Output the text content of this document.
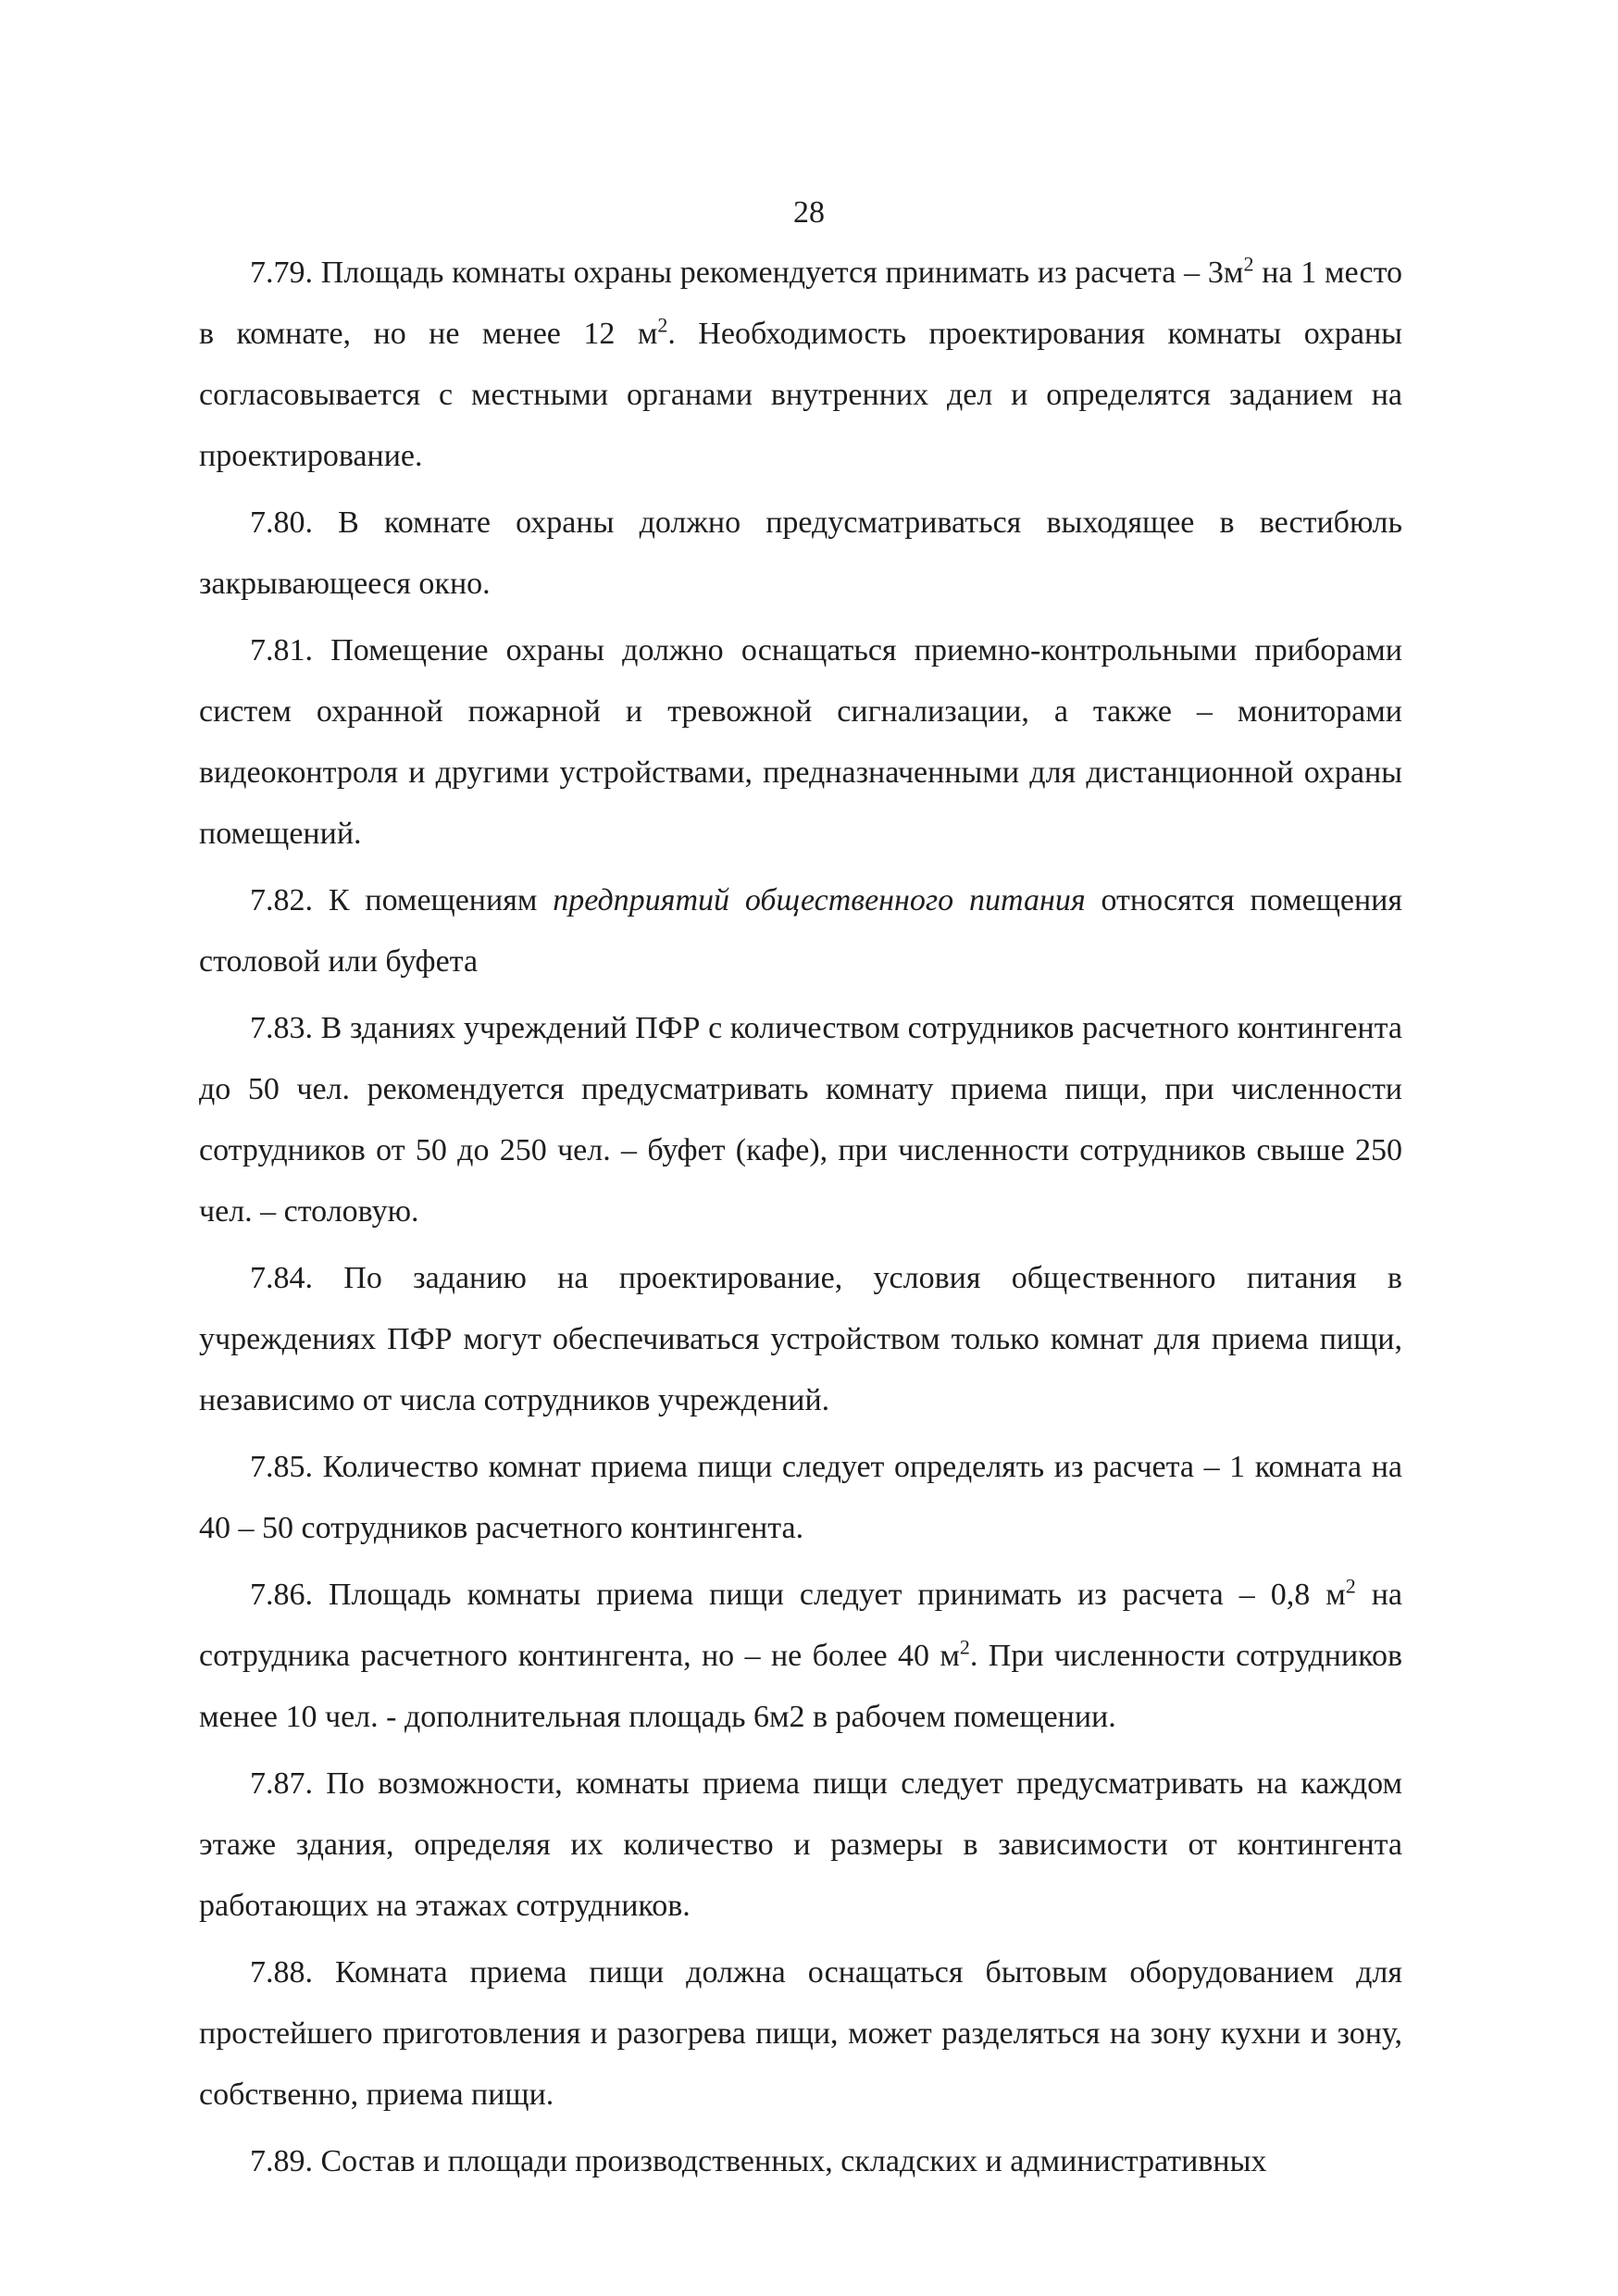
28

7.79. Площадь комнаты охраны рекомендуется принимать из расчета – $3м^2$ на 1 место в комнате, но не менее 12 $м^2$. Необходимость проектирования комнаты охраны согласовывается с местными органами внутренних дел и определятся заданием на проектирование.

7.80. В комнате охраны должно предусматриваться выходящее в вестибюль закрывающееся окно.

7.81. Помещение охраны должно оснащаться приемно-контрольными приборами систем охранной пожарной и тревожной сигнализации, а также – мониторами видеоконтроля и другими устройствами, предназначенными для дистанционной охраны помещений.

7.82. К помещениям предприятий общественного питания относятся помещения столовой или буфета

7.83. В зданиях учреждений ПФР с количеством сотрудников расчетного контингента до 50 чел. рекомендуется предусматривать комнату приема пищи, при численности сотрудников от 50 до 250 чел. – буфет (кафе), при численности сотрудников свыше 250 чел. – столовую.

7.84. По заданию на проектирование, условия общественного питания в учреждениях ПФР могут обеспечиваться устройством только комнат для приема пищи, независимо от числа сотрудников учреждений.

7.85. Количество комнат приема пищи следует определять из расчета – 1 комната на 40 – 50 сотрудников расчетного контингента.

7.86. Площадь комнаты приема пищи следует принимать из расчета – 0,8 $м^2$ на сотрудника расчетного контингента, но – не более 40 $м^2$. При численности сотрудников менее 10 чел. - дополнительная площадь 6м2 в рабочем помещении.

7.87. По возможности, комнаты приема пищи следует предусматривать на каждом этаже здания, определяя их количество и размеры в зависимости от контингента работающих на этажах сотрудников.

7.88. Комната приема пищи должна оснащаться бытовым оборудованием для простейшего приготовления и разогрева пищи, может разделяться на зону кухни и зону, собственно, приема пищи.

7.89. Состав и площади производственных, складских и административных
